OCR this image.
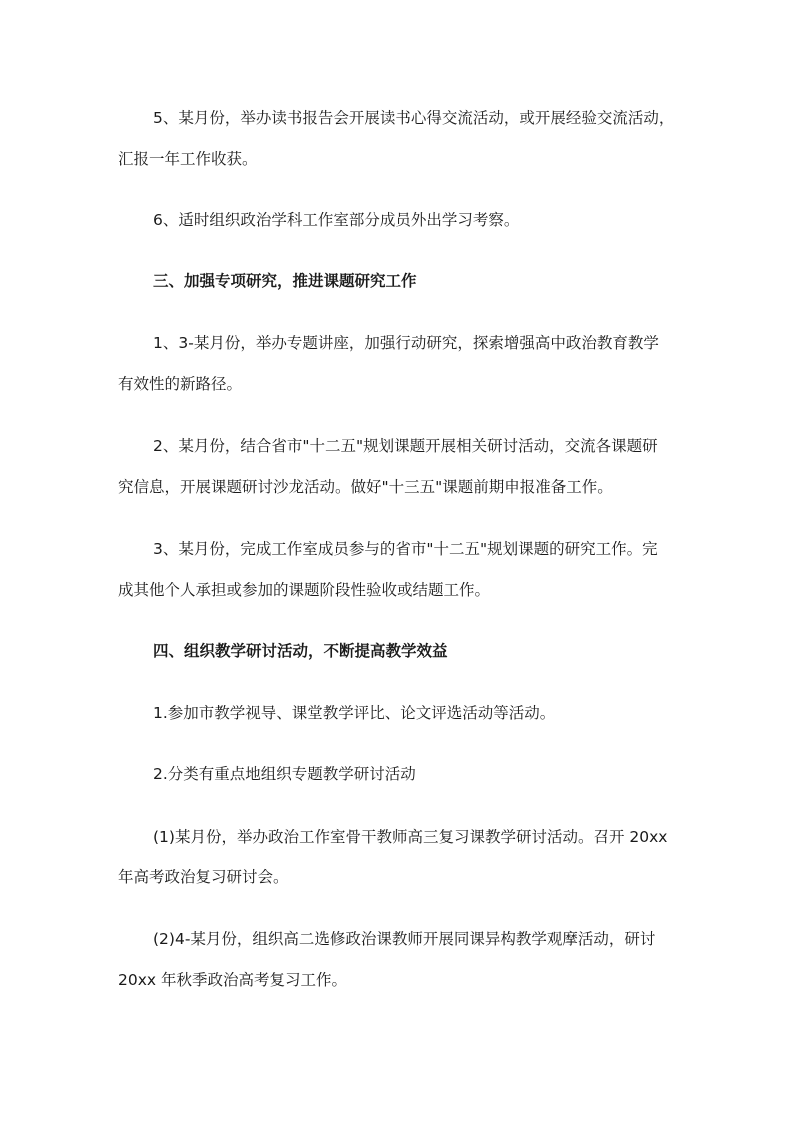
5、某月份，举办读书报告会开展读书心得交流活动，或开展经验交流活动，
汇报一年工作收获。
6、适时组织政治学科工作室部分成员外出学习考察。
三、加强专项研究，推进课题研究工作
1、3-某月份，举办专题讲座，加强行动研究，探索增强高中政治教育教学
有效性的新路径。
2、某月份，结合省市"十二五"规划课题开展相关研讨活动，交流各课题研
究信息，开展课题研讨沙龙活动。做好"十三五"课题前期申报准备工作。
3、某月份，完成工作室成员参与的省市"十二五"规划课题的研究工作。完
成其他个人承担或参加的课题阶段性验收或结题工作。
四、组织教学研讨活动，不断提高教学效益
1.参加市教学视导、课堂教学评比、论文评选活动等活动。
2.分类有重点地组织专题教学研讨活动
(1)某月份，举办政治工作室骨干教师高三复习课教学研讨活动。召开 20xx
年高考政治复习研讨会。
(2)4-某月份，组织高二选修政治课教师开展同课异构教学观摩活动，研讨
20xx 年秋季政治高考复习工作。
